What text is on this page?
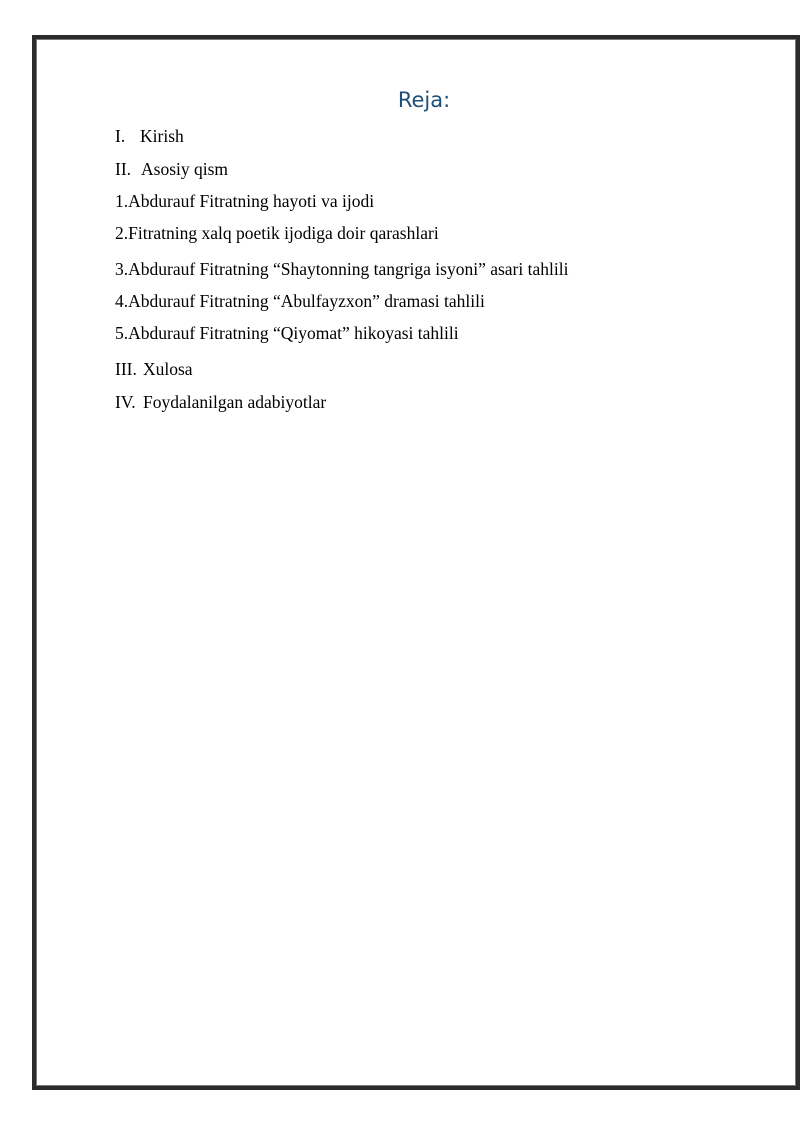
Reja:
I. Kirish
II. Asosiy qism
1.Abdurauf Fitratning hayoti va ijodi
2.Fitratning xalq poetik ijodiga doir qarashlari
3.Abdurauf Fitratning “Shaytonning tangriga isyoni” asari tahlili
4.Abdurauf Fitratning “Abulfayzxon” dramasi tahlili
5.Abdurauf Fitratning “Qiyomat” hikoyasi tahlili
III. Xulosa
IV. Foydalanilgan adabiyotlar
